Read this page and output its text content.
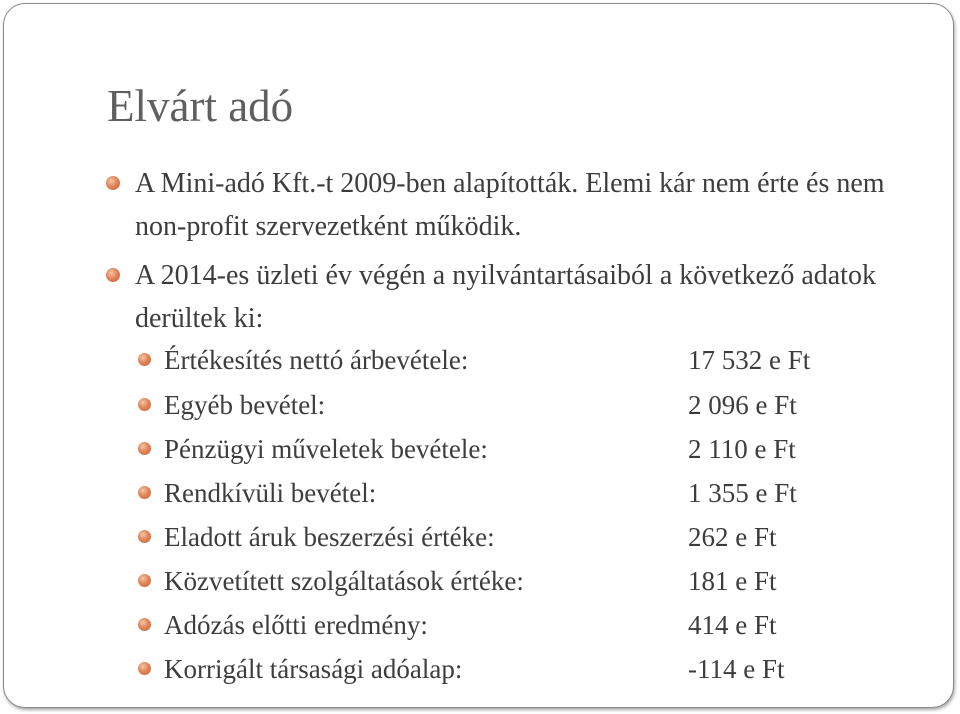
Elvárt adó
A Mini-adó Kft.-t 2009-ben alapították. Elemi kár nem érte és nem non-profit szervezetként működik.
A 2014-es üzleti év végén a nyilvántartásaiból a következő adatok derültek ki:
Értékesítés nettó árbevétele:	17 532 e Ft
Egyéb bevétel:	2 096 e Ft
Pénzügyi műveletek bevétele:	2 110 e Ft
Rendkívüli bevétel:	1 355 e Ft
Eladott áruk beszerzési értéke:	262 e Ft
Közvetített szolgáltatások értéke:	181 e Ft
Adózás előtti eredmény:	414 e Ft
Korrigált társasági adóalap:	-114 e Ft
